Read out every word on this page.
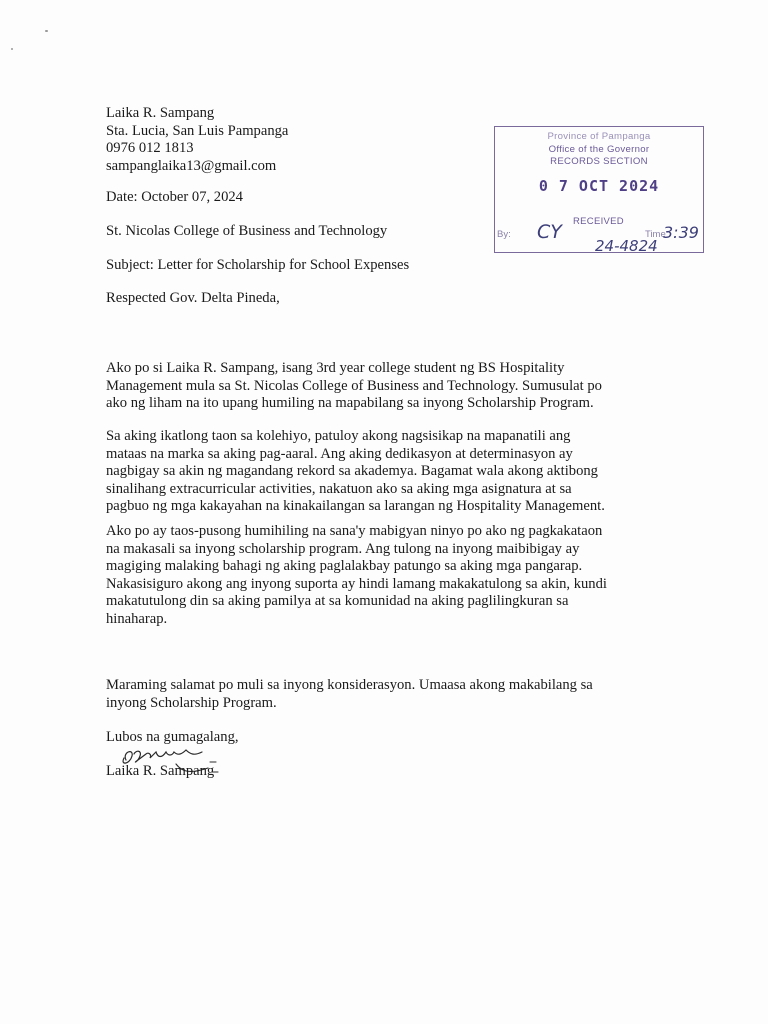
Laika R. Sampang
Sta. Lucia, San Luis Pampanga
0976 012 1813
sampanglaika13@gmail.com
Date: October 07, 2024
St. Nicolas College of Business and Technology
Subject: Letter for Scholarship for School Expenses
Respected Gov. Delta Pineda,
Ako po si Laika R. Sampang, isang 3rd year college student ng BS Hospitality
Management mula sa St. Nicolas College of Business and Technology. Sumusulat po
ako ng liham na ito upang humiling na mapabilang sa inyong Scholarship Program.
Sa aking ikatlong taon sa kolehiyo, patuloy akong nagsisikap na mapanatili ang
mataas na marka sa aking pag-aaral. Ang aking dedikasyon at determinasyon ay
nagbigay sa akin ng magandang rekord sa akademya. Bagamat wala akong aktibong
sinalihang extracurricular activities, nakatuon ako sa aking mga asignatura at sa
pagbuo ng mga kakayahan na kinakailangan sa larangan ng Hospitality Management.
Ako po ay taos-pusong humihiling na sana'y mabigyan ninyo po ako ng pagkakataon
na makasali sa inyong scholarship program. Ang tulong na inyong maibibigay ay
magiging malaking bahagi ng aking paglalakbay patungo sa aking mga pangarap.
Nakasisiguro akong ang inyong suporta ay hindi lamang makakatulong sa akin, kundi
makatutulong din sa aking pamilya at sa komunidad na aking paglilingkuran sa
hinaharap.
Maraming salamat po muli sa inyong konsiderasyon. Umaasa akong makabilang sa
inyong Scholarship Program.
Lubos na gumagalang,
Laika R. Sampang
Province of Pampanga
Office of the Governor
RECORDS SECTION
0 7 OCT 2024
RECEIVED
By: CY	Time:
3:39
24-4824
